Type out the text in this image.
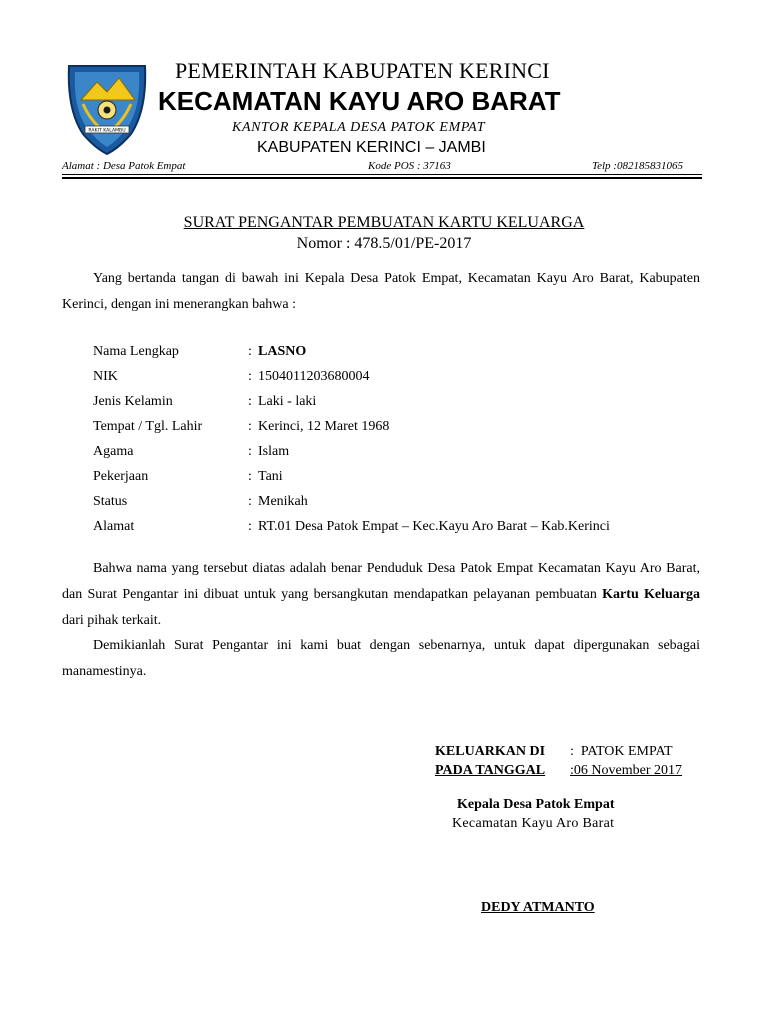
RAKIT KALAMBU
PEMERINTAH KABUPATEN KERINCI
KECAMATAN KAYU ARO BARAT
KANTOR KEPALA DESA PATOK EMPAT
KABUPATEN KERINCI – JAMBI
Alamat : Desa Patok Empat	Kode POS : 37163	Telp :082185831065
SURAT PENGANTAR PEMBUATAN KARTU KELUARGA
Nomor : 478.5/01/PE-2017
Yang bertanda tangan di bawah ini Kepala Desa Patok Empat, Kecamatan Kayu Aro Barat, Kabupaten Kerinci, dengan ini menerangkan bahwa :
Nama Lengkap	: LASNO
NIK	: 1504011203680004
Jenis Kelamin	: Laki - laki
Tempat / Tgl. Lahir	: Kerinci, 12 Maret 1968
Agama	: Islam
Pekerjaan	: Tani
Status	: Menikah
Alamat	: RT.01 Desa Patok Empat – Kec.Kayu Aro Barat – Kab.Kerinci
Bahwa nama yang tersebut diatas adalah benar Penduduk Desa Patok Empat Kecamatan Kayu Aro Barat, dan Surat Pengantar ini dibuat untuk yang bersangkutan mendapatkan pelayanan pembuatan Kartu Keluarga dari pihak terkait.
Demikianlah Surat Pengantar ini kami buat dengan sebenarnya, untuk dapat dipergunakan sebagai manamestinya.
KELUARKAN DI : PATOK EMPAT
PADA TANGGAL :06 November 2017
Kepala Desa Patok Empat
Kecamatan Kayu Aro Barat
DEDY ATMANTO
